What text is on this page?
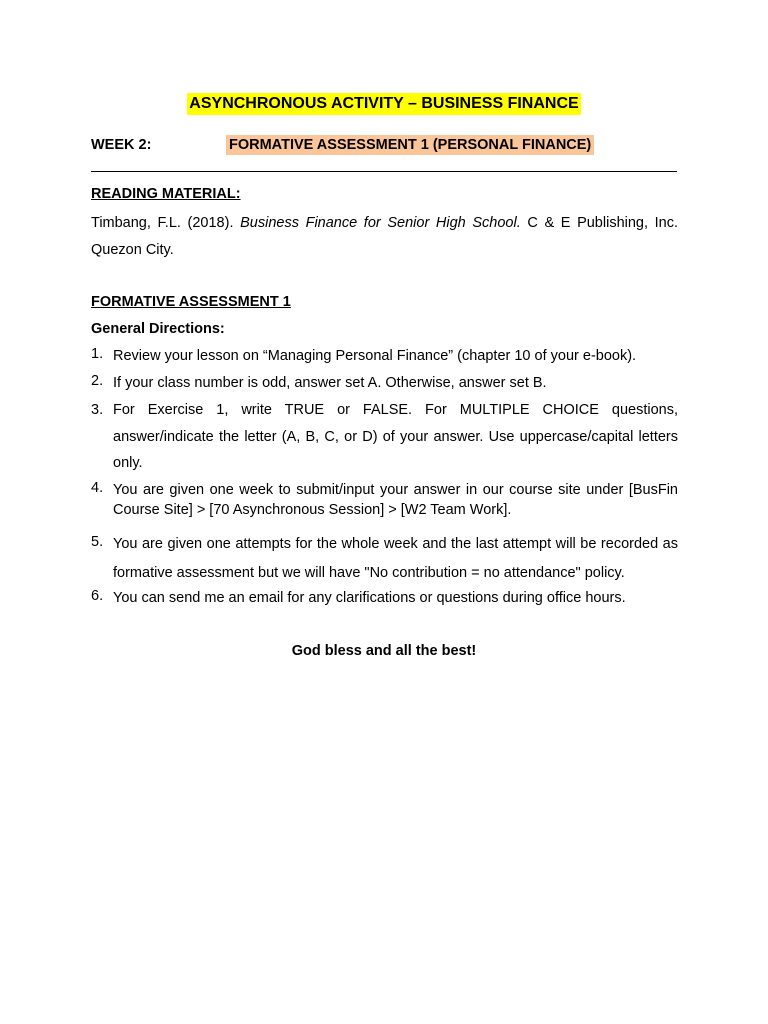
ASYNCHRONOUS ACTIVITY – BUSINESS FINANCE
WEEK 2:	FORMATIVE ASSESSMENT 1 (PERSONAL FINANCE)
READING MATERIAL:
Timbang, F.L. (2018). Business Finance for Senior High School. C & E Publishing, Inc. Quezon City.
FORMATIVE ASSESSMENT 1
General Directions:
1. Review your lesson on “Managing Personal Finance” (chapter 10 of your e-book).
2. If your class number is odd, answer set A. Otherwise, answer set B.
3. For Exercise 1, write TRUE or FALSE. For MULTIPLE CHOICE questions, answer/indicate the letter (A, B, C, or D) of your answer. Use uppercase/capital letters only.
4. You are given one week to submit/input your answer in our course site under [BusFin Course Site] > [70 Asynchronous Session] > [W2 Team Work].
5. You are given one attempts for the whole week and the last attempt will be recorded as formative assessment but we will have "No contribution = no attendance" policy.
6. You can send me an email for any clarifications or questions during office hours.
God bless and all the best!
